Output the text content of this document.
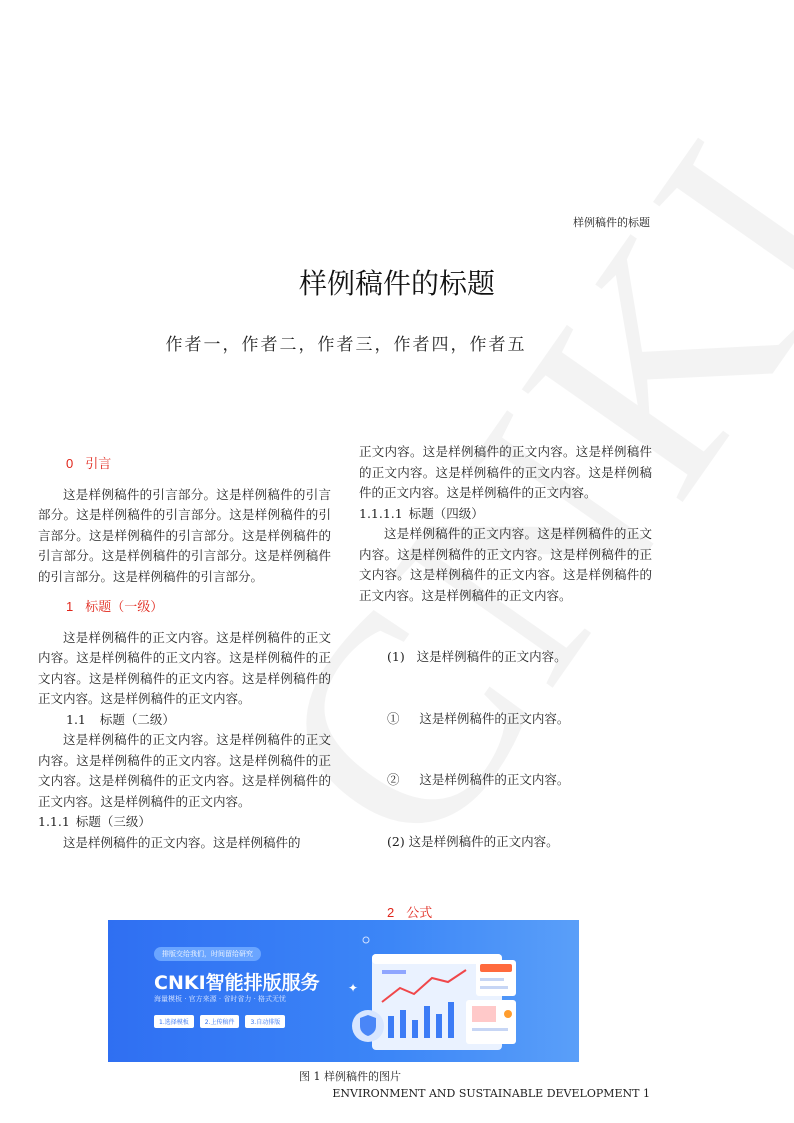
样例稿件的标题
样例稿件的标题
作者一，作者二，作者三，作者四，作者五
0 引言

这是样例稿件的引言部分。这是样例稿件的引言部分。这是样例稿件的引言部分。这是样例稿件的引言部分。这是样例稿件的引言部分。这是样例稿件的引言部分。这是样例稿件的引言部分。这是样例稿件的引言部分。这是样例稿件的引言部分。

1 标题（一级）

这是样例稿件的正文内容。这是样例稿件的正文内容。这是样例稿件的正文内容。这是样例稿件的正文内容。这是样例稿件的正文内容。这是样例稿件的正文内容。这是样例稿件的正文内容。

1.1 标题（二级）

这是样例稿件的正文内容。这是样例稿件的正文内容。这是样例稿件的正文内容。这是样例稿件的正文内容。这是样例稿件的正文内容。这是样例稿件的正文内容。这是样例稿件的正文内容。

1.1.1 标题（三级）

这是样例稿件的正文内容。这是样例稿件的

正文内容。这是样例稿件的正文内容。这是样例稿件的正文内容。这是样例稿件的正文内容。这是样例稿件的正文内容。这是样例稿件的正文内容。

1.1.1.1 标题（四级）

这是样例稿件的正文内容。这是样例稿件的正文内容。这是样例稿件的正文内容。这是样例稿件的正文内容。这是样例稿件的正文内容。这是样例稿件的正文内容。这是样例稿件的正文内容。

(1)   这是样例稿件的正文内容。

①     这是样例稿件的正文内容。

②     这是样例稿件的正文内容。

(2) 这是样例稿件的正文内容。

2 公式
排版交给我们，时间留给研究
CNKI智能排版服务
海量模板 · 官方来源 · 省时省力 · 格式无忧
1.选择模板	2.上传稿件	3.自动排版
✦
图 1 样例稿件的图片
ENVIRONMENT AND SUSTAINABLE DEVELOPMENT 1
